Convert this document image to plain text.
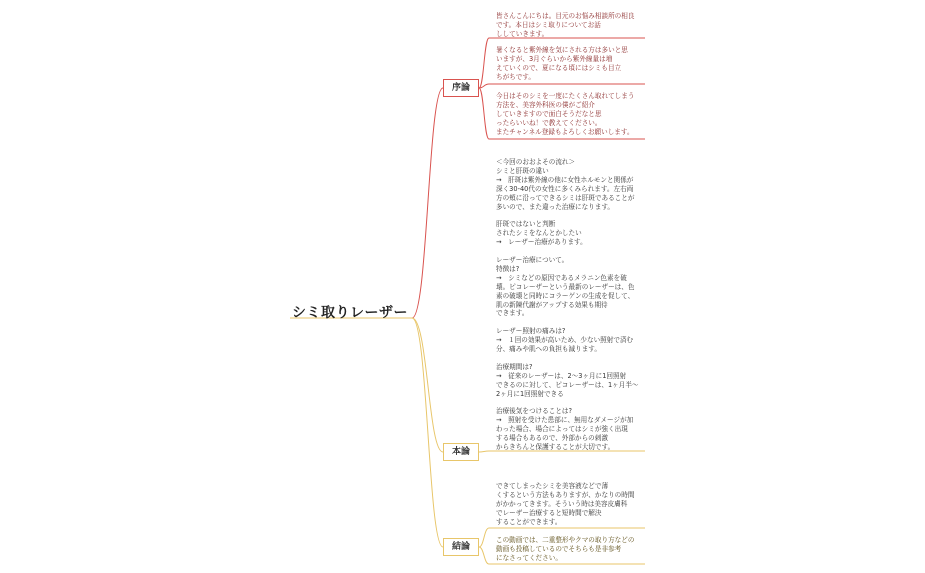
シミ取りレーザー
序論
本論
結論
皆さんこんにちは。目元のお悩み相談所の相良
です。本日はシミ取りについてお話
ししていきます。
暑くなると紫外線を気にされる方は多いと思
いますが、3月ぐらいから紫外線量は増
えていくので、夏になる頃にはシミも目立
ちがちです。
今日はそのシミを一度にたくさん取れてしまう
方法を、美容外科医の僕がご紹介
していきますので面白そうだなと思
ったらいいね！で教えてください。
またチャンネル登録もよろしくお願いします。
＜今回のおおよその流れ＞
シミと肝斑の違い
→　肝斑は紫外線の他に女性ホルモンと関係が
深く30-40代の女性に多くみられます。左右両
方の頬に沿ってできるシミは肝斑であることが
多いので、また違った治療になります。

肝斑ではないと判断
されたシミをなんとかしたい
→　レーザー治療があります。

レーザー治療について。
特徴は?
→　シミなどの原因であるメラニン色素を破
壊。ピコレーザーという最新のレーザーは、色
素の破壊と同時にコラーゲンの生成を促して、
肌の新陳代謝がアップする効果も期待
できます。

レーザー照射の痛みは?
→　１回の効果が高いため、少ない照射で済む
分、痛みや肌への負担も減ります。

治療期間は?
→　従来のレーザーは、2～3ヶ月に1回照射
できるのに対して、ピコレーザーは、1ヶ月半～
2ヶ月に1回照射できる

治療後気をつけることは?
→　照射を受けた患部に、無用なダメージが加
わった場合、場合によってはシミが強く出現
する場合もあるので、外部からの刺激
からきちんと保護することが大切です。
できてしまったシミを美容液などで薄
くするという方法もありますが、かなりの時間
がかかってきます。そういう時は美容皮膚科
でレーザー治療すると短時間で解決
することができます。
この動画では、二重整形やクマの取り方などの
動画も投稿しているのでそちらも是非参考
になさってください。
